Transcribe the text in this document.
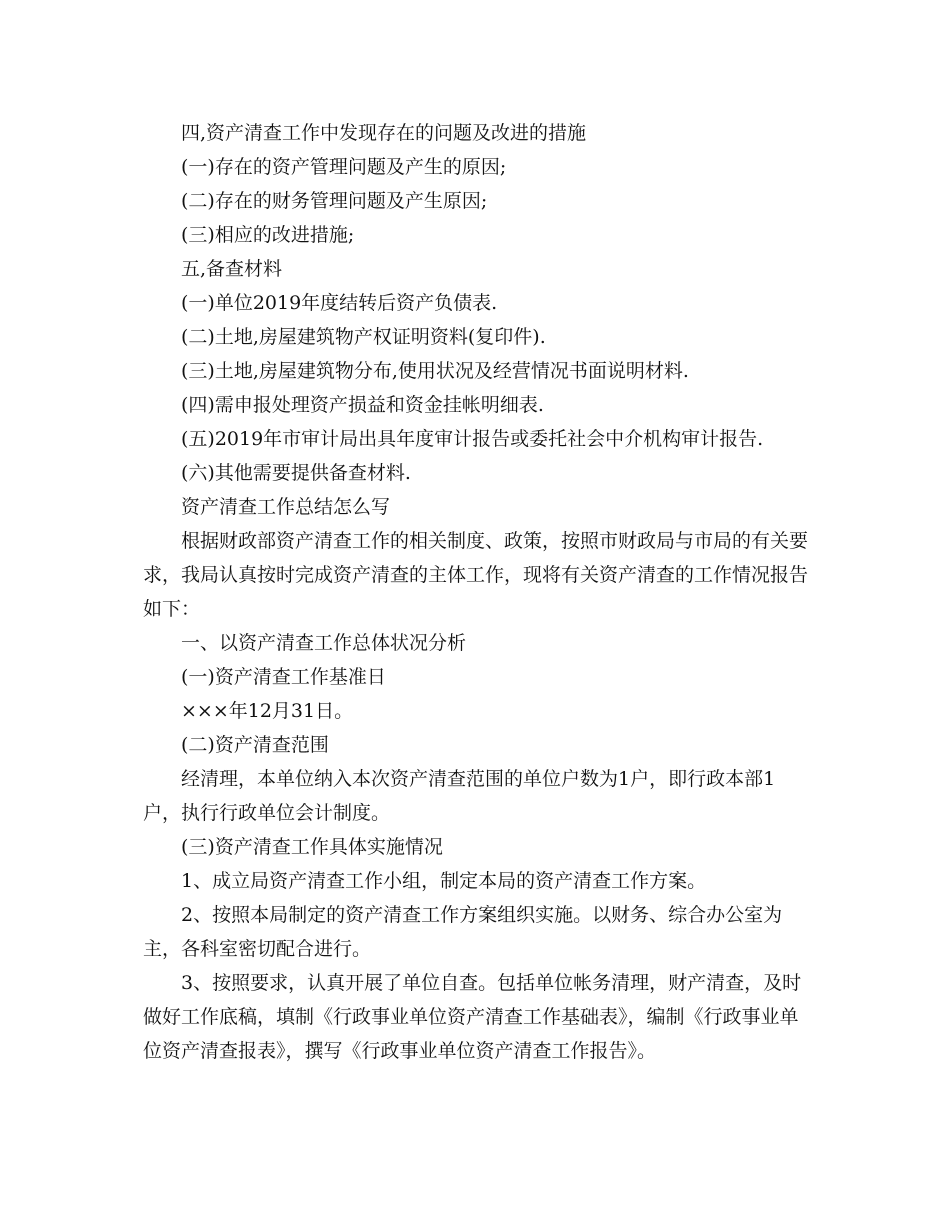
四,资产清查工作中发现存在的问题及改进的措施

(一)存在的资产管理问题及产生的原因;

(二)存在的财务管理问题及产生原因;

(三)相应的改进措施;

五,备查材料

(一)单位2019年度结转后资产负债表.

(二)土地,房屋建筑物产权证明资料(复印件).

(三)土地,房屋建筑物分布,使用状况及经营情况书面说明材料.

(四)需申报处理资产损益和资金挂帐明细表.

(五)2019年市审计局出具年度审计报告或委托社会中介机构审计报告.

(六)其他需要提供备查材料.

资产清查工作总结怎么写

根据财政部资产清查工作的相关制度、政策，按照市财政局与市局的有关要求，我局认真按时完成资产清查的主体工作，现将有关资产清查的工作情况报告如下：

一、以资产清查工作总体状况分析

(一)资产清查工作基准日

×××年12月31日。

(二)资产清查范围

经清理，本单位纳入本次资产清查范围的单位户数为1户，即行政本部1户，执行行政单位会计制度。

(三)资产清查工作具体实施情况

1、成立局资产清查工作小组，制定本局的资产清查工作方案。

2、按照本局制定的资产清查工作方案组织实施。以财务、综合办公室为主，各科室密切配合进行。

3、按照要求，认真开展了单位自查。包括单位帐务清理，财产清查，及时做好工作底稿，填制《行政事业单位资产清查工作基础表》，编制《行政事业单位资产清查报表》，撰写《行政事业单位资产清查工作报告》。
